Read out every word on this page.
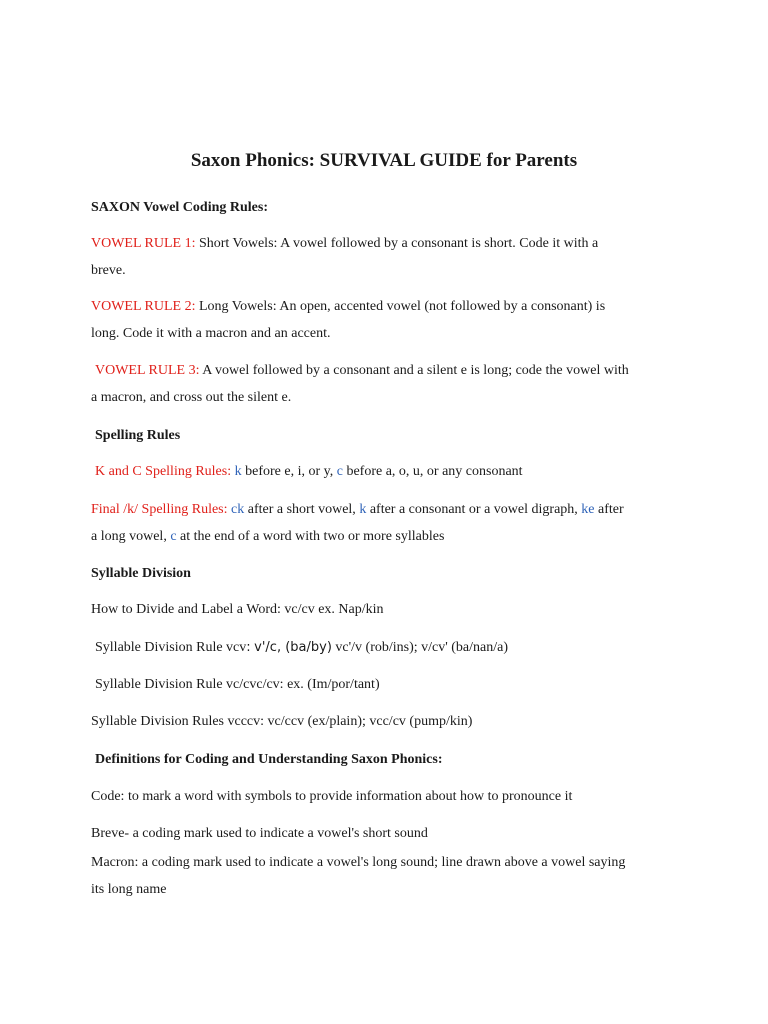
Saxon Phonics: SURVIVAL GUIDE for Parents

SAXON Vowel Coding Rules:

VOWEL RULE 1: Short Vowels: A vowel followed by a consonant is short. Code it with a

breve.

VOWEL RULE 2: Long Vowels: An open, accented vowel (not followed by a consonant) is

long. Code it with a macron and an accent.

VOWEL RULE 3: A vowel followed by a consonant and a silent e is long; code the vowel with

a macron, and cross out the silent e.

Spelling Rules

K and C Spelling Rules: k before e, i, or y, c before a, o, u, or any consonant

Final /k/ Spelling Rules: ck after a short vowel, k after a consonant or a vowel digraph, ke after

a long vowel, c at the end of a word with two or more syllables

Syllable Division

How to Divide and Label a Word: vc/cv ex. Nap/kin

Syllable Division Rule vcv: v'/c, (ba/by) vc'/v (rob/ins); v/cv' (ba/nan/a)

Syllable Division Rule vc/cvc/cv: ex. (Im/por/tant)

Syllable Division Rules vcccv: vc/ccv (ex/plain); vcc/cv (pump/kin)

Definitions for Coding and Understanding Saxon Phonics:

Code: to mark a word with symbols to provide information about how to pronounce it

Breve- a coding mark used to indicate a vowel's short sound

Macron: a coding mark used to indicate a vowel's long sound; line drawn above a vowel saying

its long name
